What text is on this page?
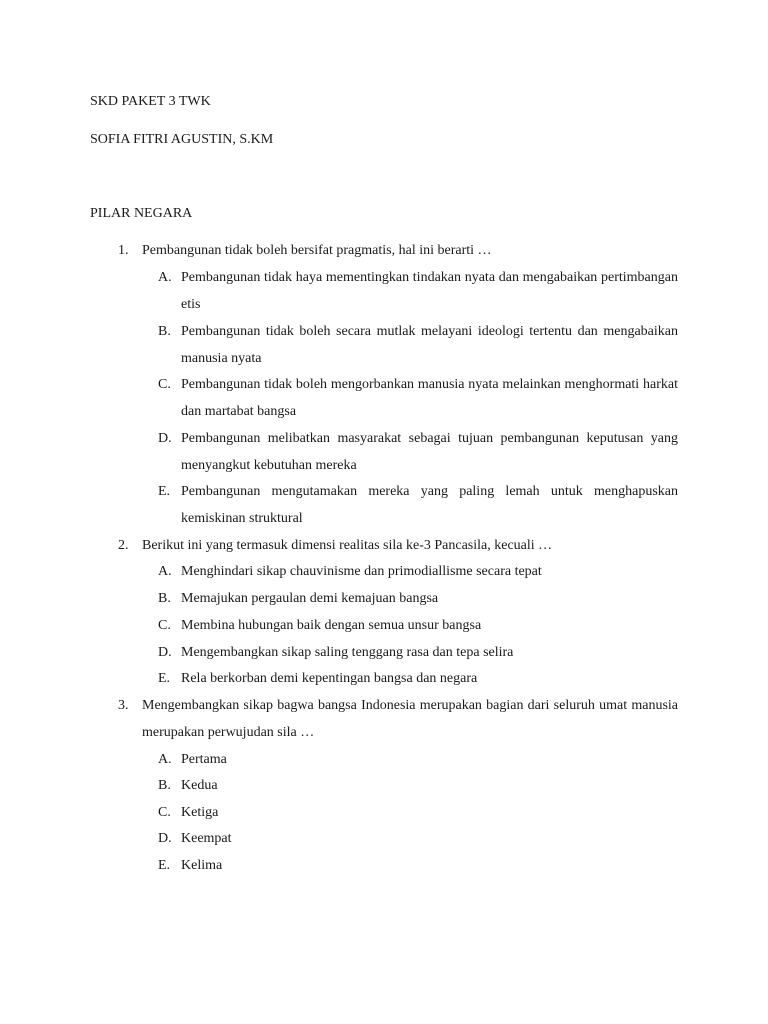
SKD PAKET 3 TWK
SOFIA FITRI AGUSTIN, S.KM
PILAR NEGARA
1. Pembangunan tidak boleh bersifat pragmatis, hal ini berarti …
A. Pembangunan tidak haya mementingkan tindakan nyata dan mengabaikan pertimbangan etis
B. Pembangunan tidak boleh secara mutlak melayani ideologi tertentu dan mengabaikan manusia nyata
C. Pembangunan tidak boleh mengorbankan manusia nyata melainkan menghormati harkat dan martabat bangsa
D. Pembangunan melibatkan masyarakat sebagai tujuan pembangunan keputusan yang menyangkut kebutuhan mereka
E. Pembangunan mengutamakan mereka yang paling lemah untuk menghapuskan kemiskinan struktural
2. Berikut ini yang termasuk dimensi realitas sila ke-3 Pancasila, kecuali …
A. Menghindari sikap chauvinisme dan primodiallisme secara tepat
B. Memajukan pergaulan demi kemajuan bangsa
C. Membina hubungan baik dengan semua unsur bangsa
D. Mengembangkan sikap saling tenggang rasa dan tepa selira
E. Rela berkorban demi kepentingan bangsa dan negara
3. Mengembangkan sikap bagwa bangsa Indonesia merupakan bagian dari seluruh umat manusia merupakan perwujudan sila …
A. Pertama
B. Kedua
C. Ketiga
D. Keempat
E. Kelima
